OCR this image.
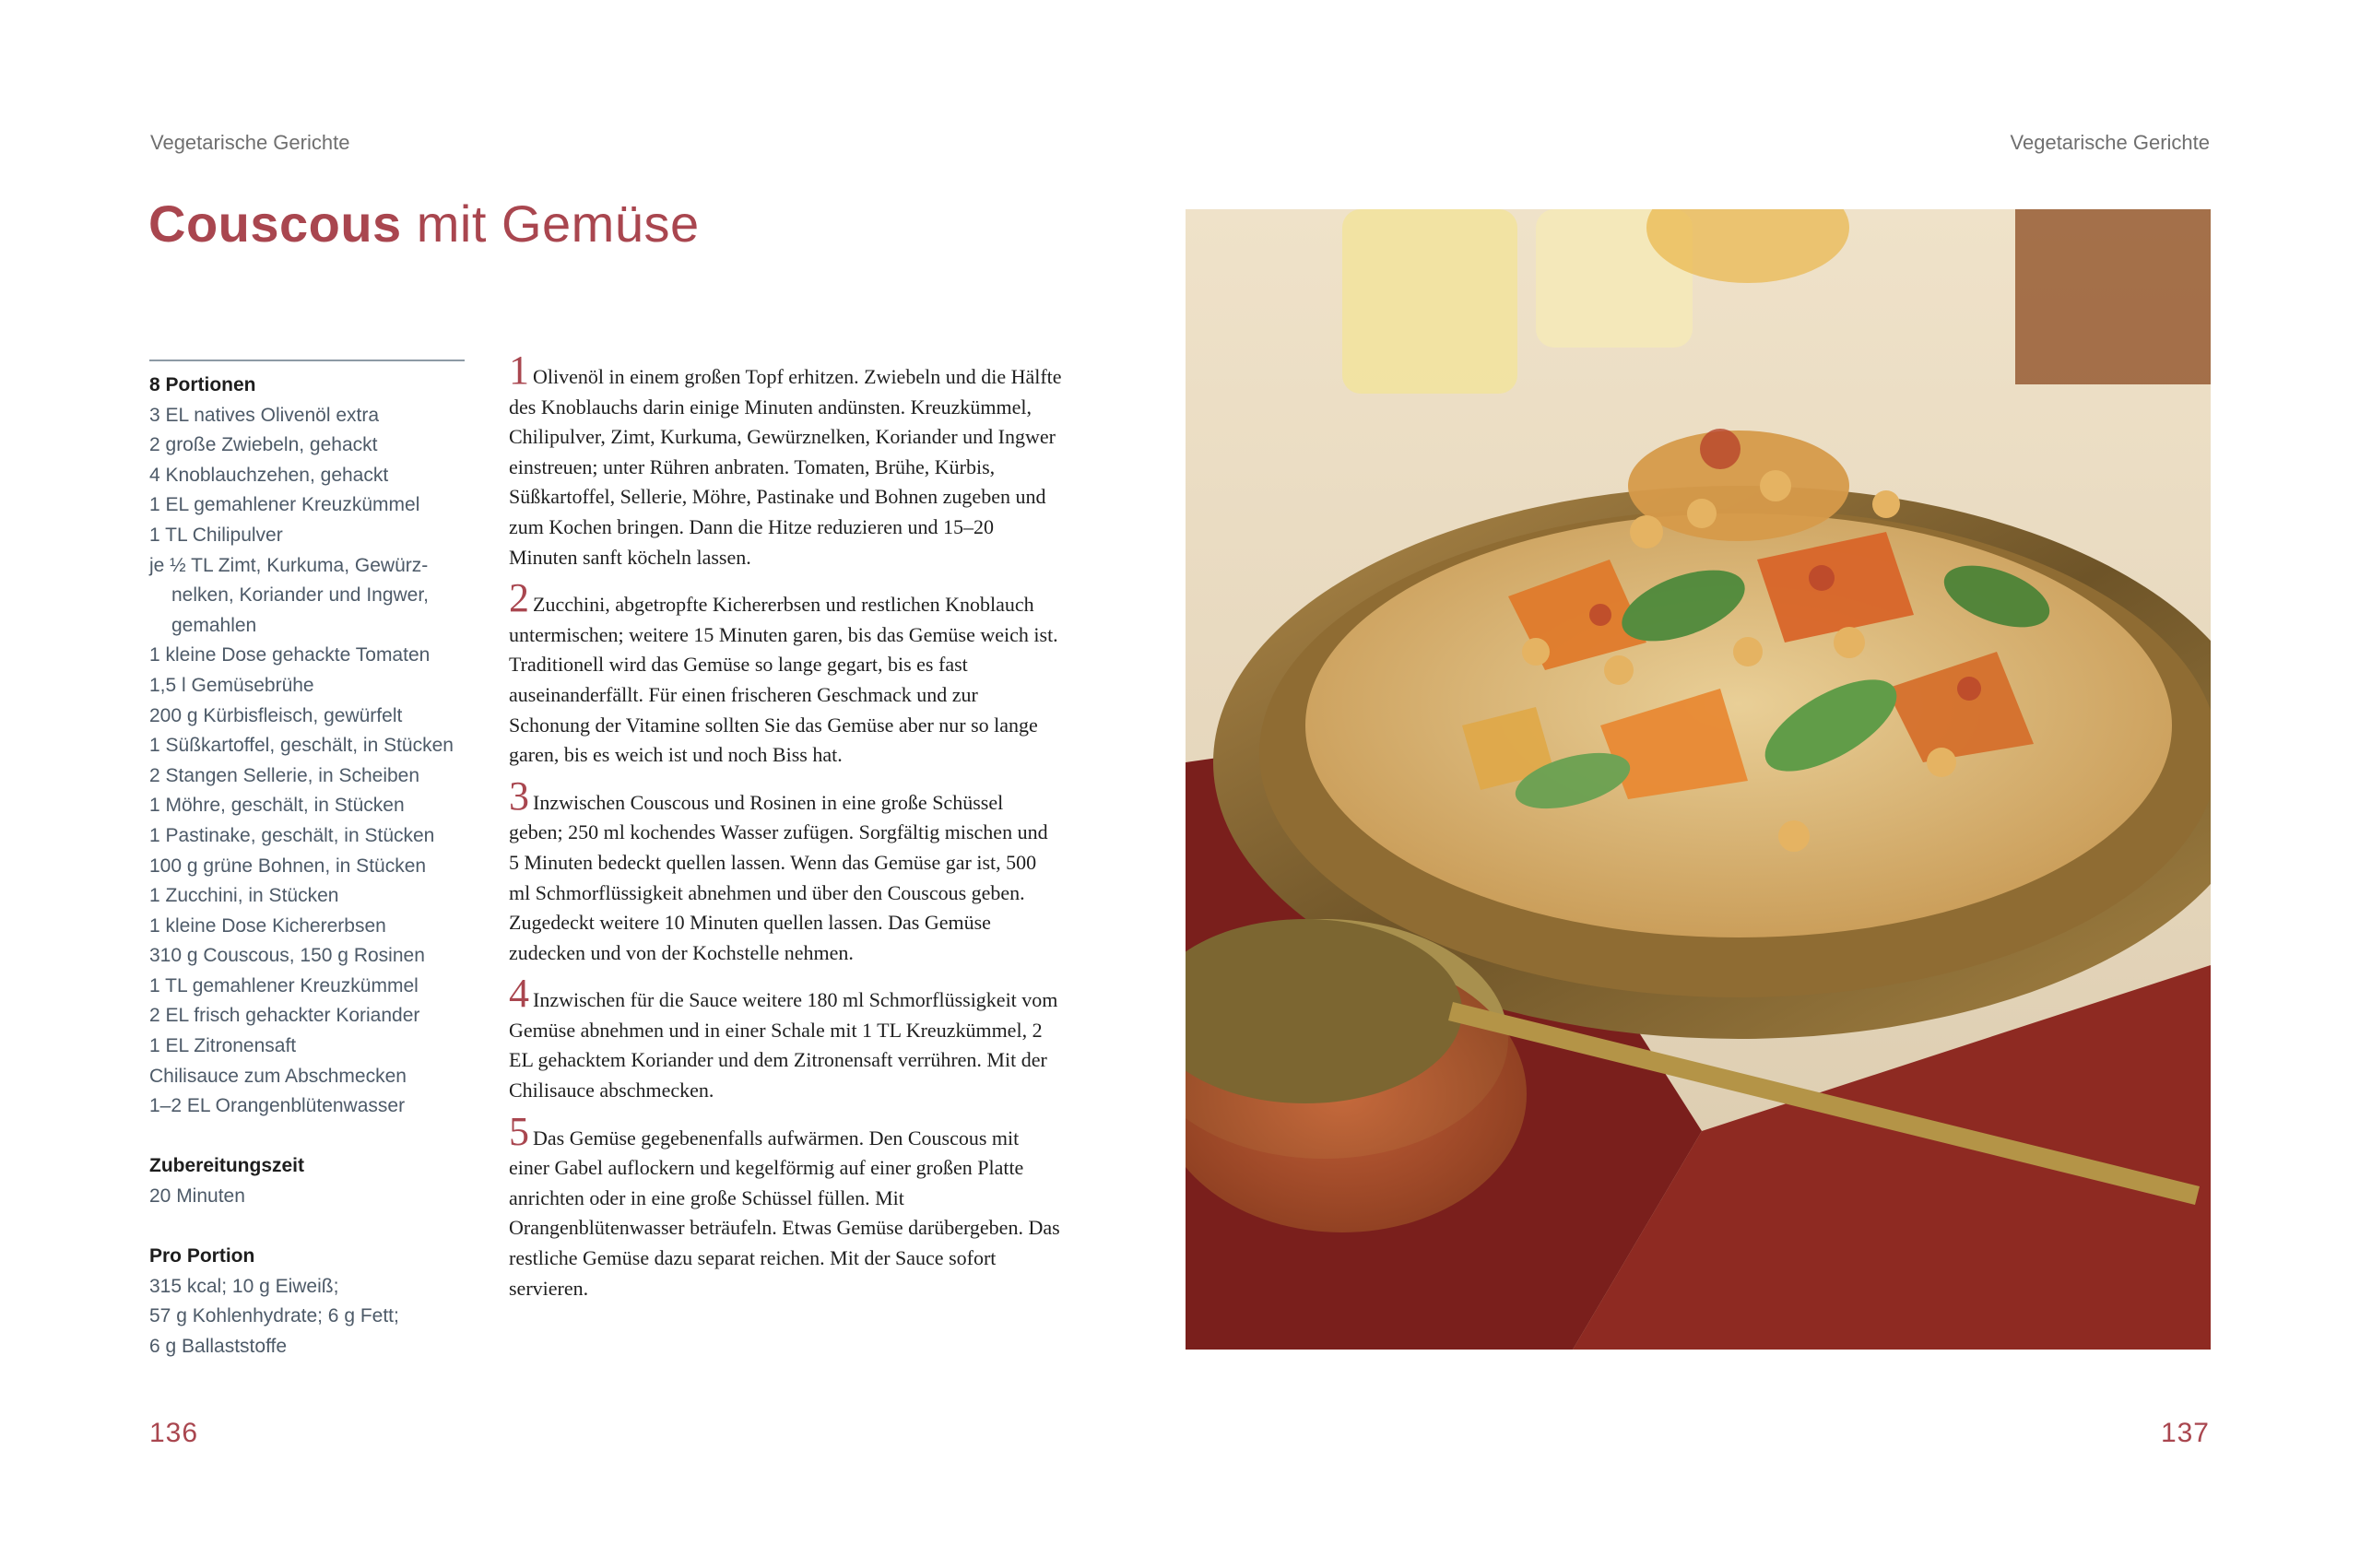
Vegetarische Gerichte	Vegetarische Gerichte
Couscous mit Gemüse
8 Portionen
3 EL natives Olivenöl extra
2 große Zwiebeln, gehackt
4 Knoblauchzehen, gehackt
1 EL gemahlener Kreuzkümmel
1 TL Chilipulver
je ½ TL Zimt, Kurkuma, Gewürz-nelken, Koriander und Ingwer, gemahlen
1 kleine Dose gehackte Tomaten
1,5 l Gemüsebrühe
200 g Kürbisfleisch, gewürfelt
1 Süßkartoffel, geschält, in Stücken
2 Stangen Sellerie, in Scheiben
1 Möhre, geschält, in Stücken
1 Pastinake, geschält, in Stücken
100 g grüne Bohnen, in Stücken
1 Zucchini, in Stücken
1 kleine Dose Kichererbsen
310 g Couscous, 150 g Rosinen
1 TL gemahlener Kreuzkümmel
2 EL frisch gehackter Koriander
1 EL Zitronensaft
Chilisauce zum Abschmecken
1–2 EL Orangenblütenwasser
Zubereitungszeit
20 Minuten
Pro Portion
315 kcal; 10 g Eiweiß;
57 g Kohlenhydrate; 6 g Fett;
6 g Ballaststoffe

1 Olivenöl in einem großen Topf erhitzen. Zwiebeln und die Hälfte des Knoblauchs darin einige Minuten andünsten. Kreuzkümmel, Chilipulver, Zimt, Kurkuma, Gewürznelken, Koriander und Ingwer einstreuen; unter Rühren anbraten. Tomaten, Brühe, Kürbis, Süßkartoffel, Sellerie, Möhre, Pastinake und Bohnen zugeben und zum Kochen bringen. Dann die Hitze reduzieren und 15–20 Minuten sanft köcheln lassen.

2 Zucchini, abgetropfte Kichererbsen und restlichen Knoblauch untermischen; weitere 15 Minuten garen, bis das Gemüse weich ist. Traditionell wird das Gemüse so lange gegart, bis es fast auseinanderfällt. Für einen frischeren Geschmack und zur Schonung der Vitamine sollten Sie das Gemüse aber nur so lange garen, bis es weich ist und noch Biss hat.

3 Inzwischen Couscous und Rosinen in eine große Schüssel geben; 250 ml kochendes Wasser zufügen. Sorgfältig mischen und 5 Minuten bedeckt quellen lassen. Wenn das Gemüse gar ist, 500 ml Schmorflüssigkeit abnehmen und über den Couscous geben. Zugedeckt weitere 10 Minuten quellen lassen. Das Gemüse zudecken und von der Kochstelle nehmen.

4 Inzwischen für die Sauce weitere 180 ml Schmorflüssigkeit vom Gemüse abnehmen und in einer Schale mit 1 TL Kreuzkümmel, 2 EL gehacktem Koriander und dem Zitronensaft verrühren. Mit der Chilisauce abschmecken.

5 Das Gemüse gegebenenfalls aufwärmen. Den Couscous mit einer Gabel auflockern und kegelförmig auf einer großen Platte anrichten oder in eine große Schüssel füllen. Mit Orangenblütenwasser beträufeln. Etwas Gemüse darübergeben. Das restliche Gemüse dazu separat reichen. Mit der Sauce sofort servieren.

136	137
